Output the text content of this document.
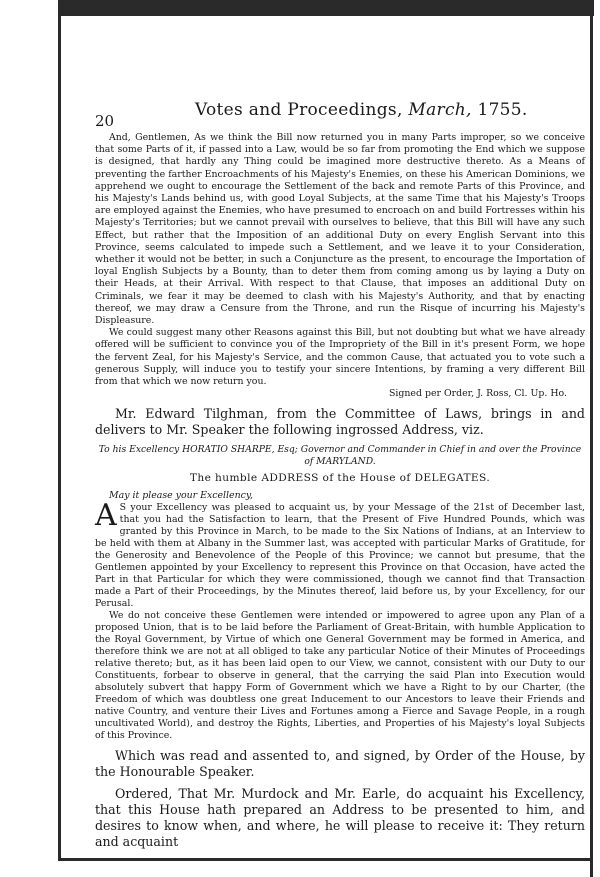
20
Votes and Proceedings, March, 1755.

And, Gentlemen, As we think the Bill now returned you in many Parts improper, so we conceive that some Parts of it, if passed into a Law, would be so far from promoting the End which we suppose is designed, that hardly any Thing could be imagined more destructive thereto. As a Means of preventing the farther Encroachments of his Majesty's Enemies, on these his American Dominions, we apprehend we ought to encourage the Settlement of the back and remote Parts of this Province, and his Majesty's Lands behind us, with good Loyal Subjects, at the same Time that his Majesty's Troops are employed against the Enemies, who have presumed to encroach on and build Fortresses within his Majesty's Territories; but we cannot prevail with ourselves to believe, that this Bill will have any such Effect, but rather that the Imposition of an additional Duty on every English Servant into this Province, seems calculated to impede such a Settlement, and we leave it to your Consideration, whether it would not be better, in such a Conjuncture as the present, to encourage the Importation of loyal English Subjects by a Bounty, than to deter them from coming among us by laying a Duty on their Heads, at their Arrival. With respect to that Clause, that imposes an additional Duty on Criminals, we fear it may be deemed to clash with his Majesty's Authority, and that by enacting thereof, we may draw a Censure from the Throne, and run the Risque of incurring his Majesty's Displeasure.

We could suggest many other Reasons against this Bill, but not doubting but what we have already offered will be sufficient to convince you of the Impropriety of the Bill in it's present Form, we hope the fervent Zeal, for his Majesty's Service, and the common Cause, that actuated you to vote such a generous Supply, will induce you to testify your sincere Intentions, by framing a very different Bill from that which we now return you.

Signed per Order, J. Ross, Cl. Up. Ho.

Mr. Edward Tilghman, from the Committee of Laws, brings in and delivers to Mr. Speaker the following ingrossed Address, viz.

To his Excellency HORATIO SHARPE, Esq; Governor and Commander in Chief in and over the Province of MARYLAND.
The humble ADDRESS of the House of DELEGATES.
May it please your Excellency,
A S your Excellency was pleased to acquaint us, by your Message of the 21st of December last, that you had the Satisfaction to learn, that the Present of Five Hundred Pounds, which was granted by this Province in March, to be made to the Six Nations of Indians, at an Interview to be held with them at Albany in the Summer last, was accepted with particular Marks of Gratitude, for the Generosity and Benevolence of the People of this Province; we cannot but presume, that the Gentlemen appointed by your Excellency to represent this Province on that Occasion, have acted the Part in that Particular for which they were commissioned, though we cannot find that Transaction made a Part of their Proceedings, by the Minutes thereof, laid before us, by your Excellency, for our Perusal.

We do not conceive these Gentlemen were intended or impowered to agree upon any Plan of a proposed Union, that is to be laid before the Parliament of Great-Britain, with humble Application to the Royal Government, by Virtue of which one General Government may be formed in America, and therefore think we are not at all obliged to take any particular Notice of their Minutes of Proceedings relative thereto; but, as it has been laid open to our View, we cannot, consistent with our Duty to our Constituents, forbear to observe in general, that the carrying the said Plan into Execution would absolutely subvert that happy Form of Government which we have a Right to by our Charter, (the Freedom of which was doubtless one great Inducement to our Ancestors to leave their Friends and native Country, and venture their Lives and Fortunes among a Fierce and Savage People, in a rough uncultivated World), and destroy the Rights, Liberties, and Properties of his Majesty's loyal Subjects of this Province.

Which was read and assented to, and signed, by Order of the House, by the Honourable Speaker.

Ordered, That Mr. Murdock and Mr. Earle, do acquaint his Excellency, that this House hath prepared an Address to be presented to him, and desires to know when, and where, he will please to receive it: They return and acquaint
